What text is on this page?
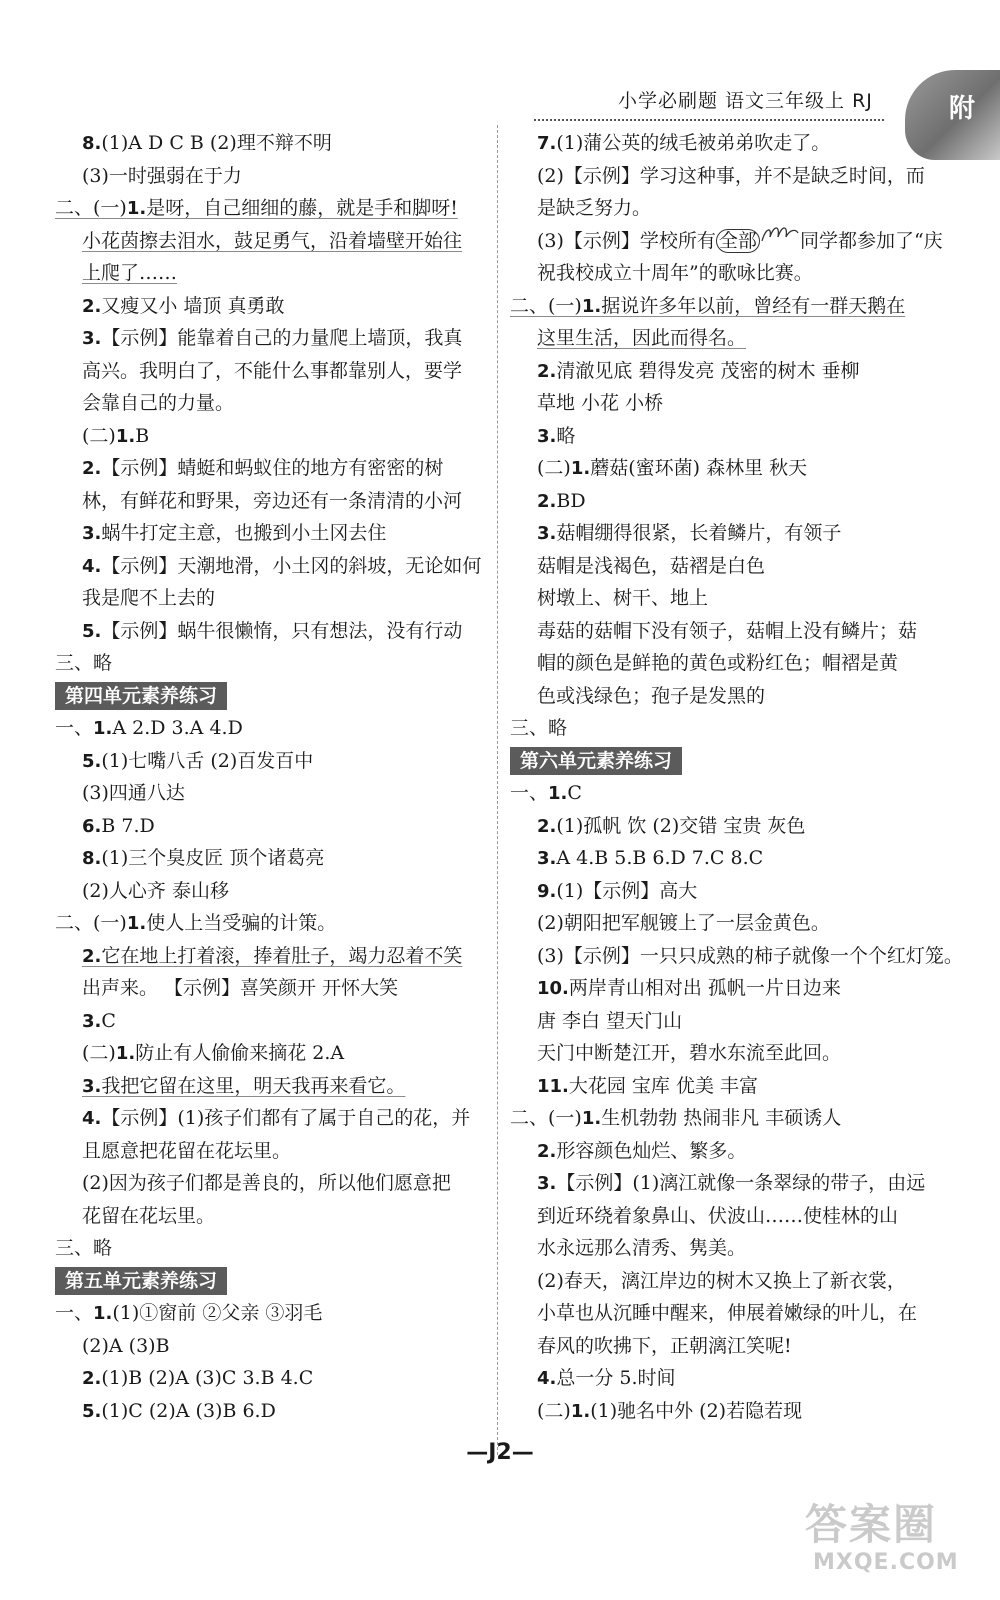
附
小学必刷题 语文三年级上 RJ
8.(1)A D C B (2)理不辩不明
(3)一时强弱在于力
二、(一)1.是呀，自己细细的藤，就是手和脚呀!
小花茵擦去泪水，鼓足勇气，沿着墙壁开始往
上爬了……
2.又瘦又小 墙顶 真勇敢
3.【示例】能靠着自己的力量爬上墙顶，我真
高兴。我明白了，不能什么事都靠别人，要学
会靠自己的力量。
(二)1.B
2.【示例】蜻蜓和蚂蚁住的地方有密密的树
林，有鲜花和野果，旁边还有一条清清的小河
3.蜗牛打定主意，也搬到小土冈去住
4.【示例】天潮地滑，小土冈的斜坡，无论如何
我是爬不上去的
5.【示例】蜗牛很懒惰，只有想法，没有行动
三、略
第四单元素养练习
一、1.A 2.D 3.A 4.D
5.(1)七嘴八舌 (2)百发百中
(3)四通八达
6.B 7.D
8.(1)三个臭皮匠 顶个诸葛亮
(2)人心齐 泰山移
二、(一)1.使人上当受骗的计策。
2.它在地上打着滚，捧着肚子，竭力忍着不笑
出声来。 【示例】喜笑颜开 开怀大笑
3.C
(二)1.防止有人偷偷来摘花 2.A
3.我把它留在这里，明天我再来看它。
4.【示例】(1)孩子们都有了属于自己的花，并
且愿意把花留在花坛里。
(2)因为孩子们都是善良的，所以他们愿意把
花留在花坛里。
三、略
第五单元素养练习
一、1.(1)①窗前 ②父亲 ③羽毛
(2)A (3)B
2.(1)B (2)A (3)C 3.B 4.C
5.(1)C (2)A (3)B 6.D
7.(1)蒲公英的绒毛被弟弟吹走了。
(2)【示例】学习这种事，并不是缺乏时间，而
是缺乏努力。
(3)【示例】学校所有 全部 同学都参加了“庆
祝我校成立十周年”的歌咏比赛。
二、(一)1.据说许多年以前，曾经有一群天鹅在
这里生活，因此而得名。
2.清澈见底 碧得发亮 茂密的树木 垂柳
草地 小花 小桥
3.略
(二)1.蘑菇(蜜环菌) 森林里 秋天
2.BD
3.菇帽绷得很紧，长着鳞片，有领子
菇帽是浅褐色，菇褶是白色
树墩上、树干、地上
毒菇的菇帽下没有领子，菇帽上没有鳞片；菇
帽的颜色是鲜艳的黄色或粉红色；帽褶是黄
色或浅绿色；孢子是发黑的
三、略
第六单元素养练习
一、1.C
2.(1)孤帆 饮 (2)交错 宝贵 灰色
3.A 4.B 5.B 6.D 7.C 8.C
9.(1)【示例】高大
(2)朝阳把军舰镀上了一层金黄色。
(3)【示例】一只只成熟的柿子就像一个个红灯笼。
10.两岸青山相对出 孤帆一片日边来
唐 李白 望天门山
天门中断楚江开，碧水东流至此回。
11.大花园 宝库 优美 丰富
二、(一)1.生机勃勃 热闹非凡 丰硕诱人
2.形容颜色灿烂、繁多。
3.【示例】(1)漓江就像一条翠绿的带子，由远
到近环绕着象鼻山、伏波山……使桂林的山
水永远那么清秀、隽美。
(2)春天，漓江岸边的树木又换上了新衣裳，
小草也从沉睡中醒来，伸展着嫩绿的叶儿，在
春风的吹拂下，正朝漓江笑呢!
4.总一分 5.时间
(二)1.(1)驰名中外 (2)若隐若现
—J2—
答案圈
MXQE.COM
